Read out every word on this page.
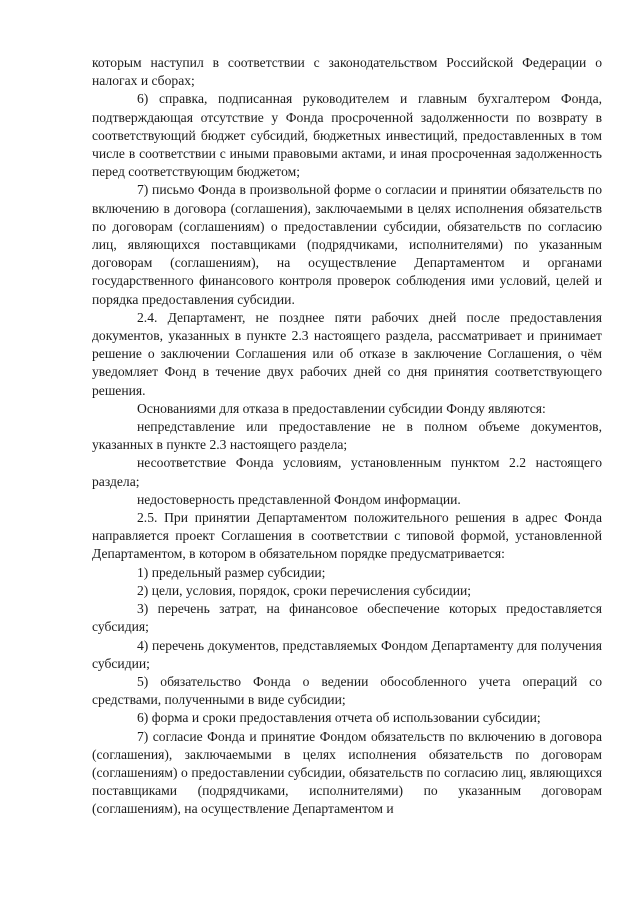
которым наступил в соответствии с законодательством Российской Федерации о налогах и сборах;

6) справка, подписанная руководителем и главным бухгалтером Фонда, подтверждающая отсутствие у Фонда просроченной задолженности по возврату в соответствующий бюджет субсидий, бюджетных инвестиций, предоставленных в том числе в соответствии с иными правовыми актами, и иная просроченная задолженность перед соответствующим бюджетом;

7) письмо Фонда в произвольной форме о согласии и принятии обязательств по включению в договора (соглашения), заключаемыми в целях исполнения обязательств по договорам (соглашениям) о предоставлении субсидии, обязательств по согласию лиц, являющихся поставщиками (подрядчиками, исполнителями) по указанным договорам (соглашениям), на осуществление Департаментом и органами государственного финансового контроля проверок соблюдения ими условий, целей и порядка предоставления субсидии.

2.4. Департамент, не позднее пяти рабочих дней после предоставления документов, указанных в пункте 2.3 настоящего раздела, рассматривает и принимает решение о заключении Соглашения или об отказе в заключение Соглашения, о чём уведомляет Фонд в течение двух рабочих дней со дня принятия соответствующего решения.

Основаниями для отказа в предоставлении субсидии Фонду являются:

непредставление или предоставление не в полном объеме документов, указанных в пункте 2.3 настоящего раздела;

несоответствие Фонда условиям, установленным пунктом 2.2 настоящего раздела;

недостоверность представленной Фондом информации.

2.5. При принятии Департаментом положительного решения в адрес Фонда направляется проект Соглашения в соответствии с типовой формой, установленной Департаментом, в котором в обязательном порядке предусматривается:

1) предельный размер субсидии;

2) цели, условия, порядок, сроки перечисления субсидии;

3) перечень затрат, на финансовое обеспечение которых предоставляется субсидия;

4) перечень документов, представляемых Фондом Департаменту для получения субсидии;

5) обязательство Фонда о ведении обособленного учета операций со средствами, полученными в виде субсидии;

6) форма и сроки предоставления отчета об использовании субсидии;

7) согласие Фонда и принятие Фондом обязательств по включению в договора (соглашения), заключаемыми в целях исполнения обязательств по договорам (соглашениям) о предоставлении субсидии, обязательств по согласию лиц, являющихся поставщиками (подрядчиками, исполнителями) по указанным договорам (соглашениям), на осуществление Департаментом и
